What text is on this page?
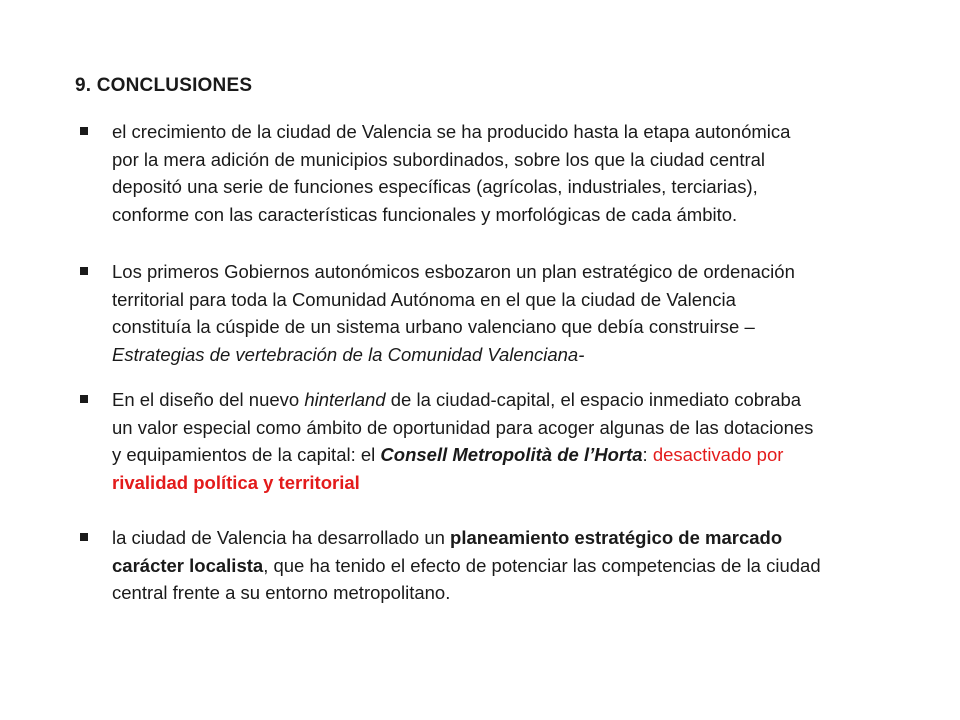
9. CONCLUSIONES
el crecimiento de la ciudad de Valencia se ha producido hasta la etapa autonómica
por la mera adición de municipios subordinados, sobre los que la ciudad central
depositó una serie de funciones específicas (agrícolas, industriales, terciarias),
conforme con las características funcionales y morfológicas de cada ámbito.
Los primeros Gobiernos autonómicos esbozaron un plan estratégico de ordenación
territorial para toda la Comunidad Autónoma en el que la ciudad de Valencia
constituía la cúspide de un sistema urbano valenciano que debía construirse –
Estrategias de vertebración de la Comunidad Valenciana-
En el diseño del nuevo hinterland de la ciudad-capital, el espacio inmediato cobraba
un valor especial como ámbito de oportunidad para acoger algunas de las dotaciones
y equipamientos de la capital: el Consell Metropolità de l’Horta: desactivado por
rivalidad política y territorial
la ciudad de Valencia ha desarrollado un planeamiento estratégico de marcado
carácter localista, que ha tenido el efecto de potenciar las competencias de la ciudad
central frente a su entorno metropolitano.
